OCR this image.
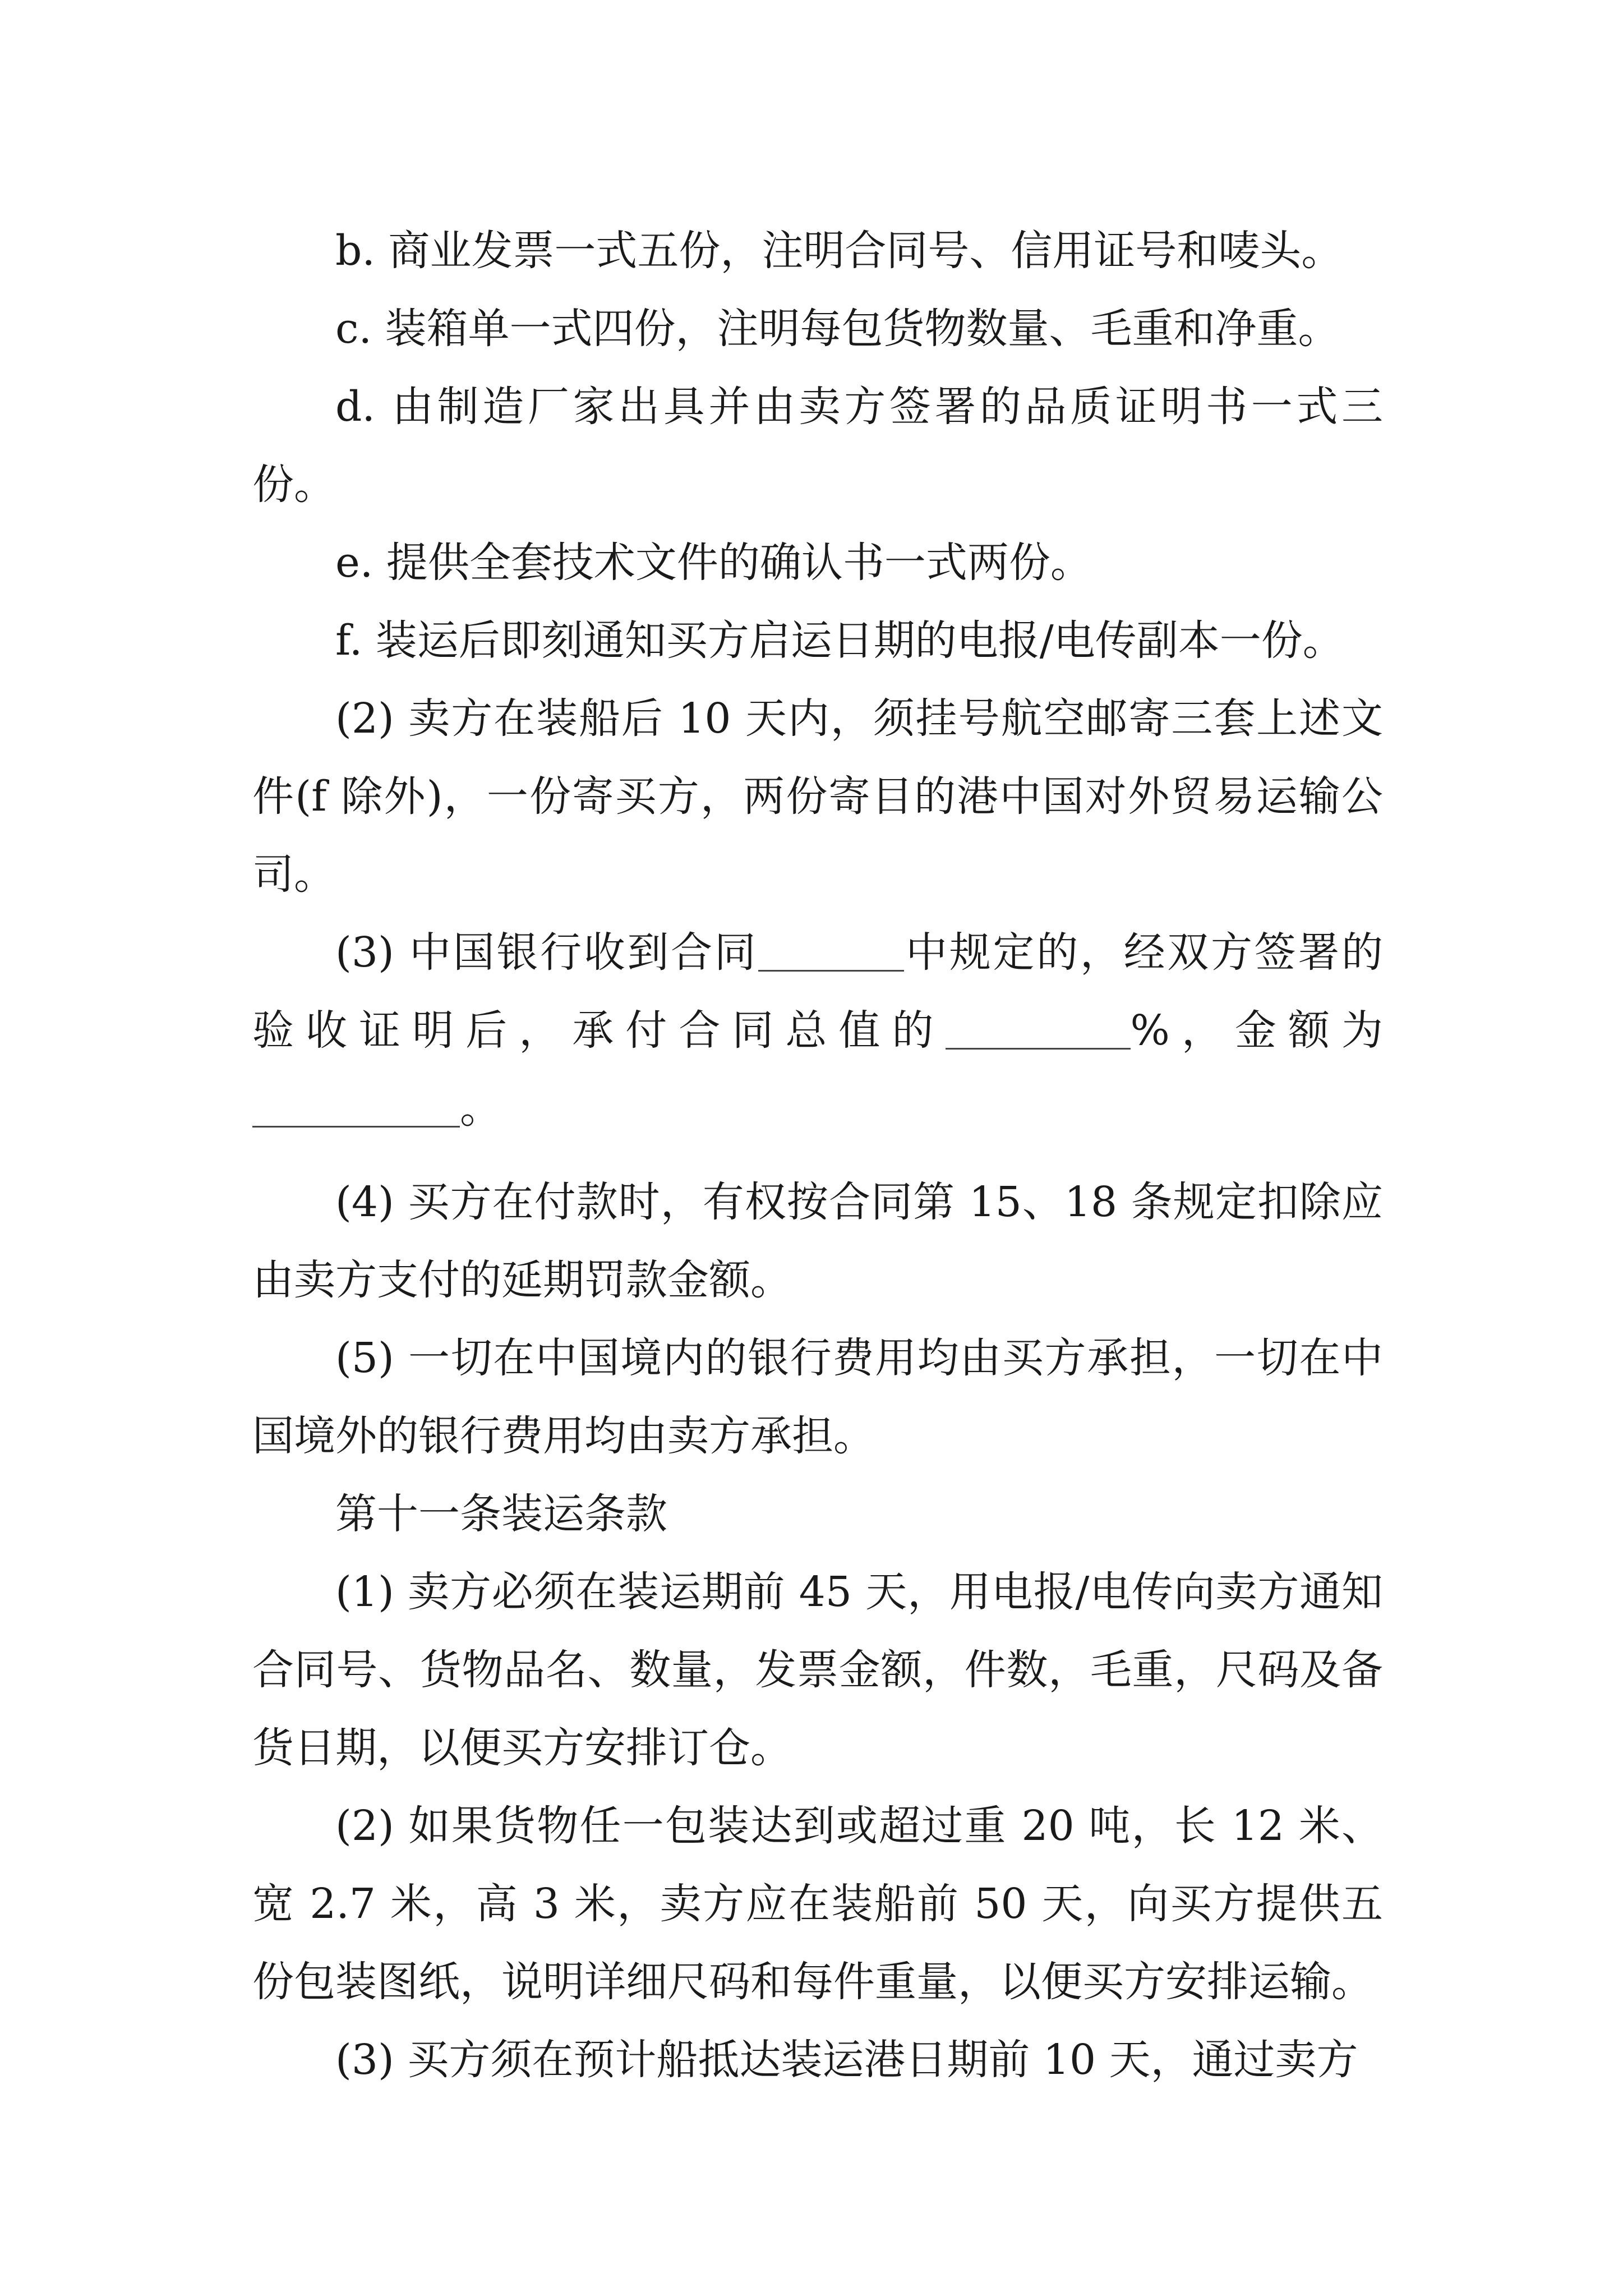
b. 商业发票一式五份，注明合同号、信用证号和唛头。

c. 装箱单一式四份，注明每包货物数量、毛重和净重。

d. 由制造厂家出具并由卖方签署的品质证明书一式三份。

e. 提供全套技术文件的确认书一式两份。

f. 装运后即刻通知买方启运日期的电报/电传副本一份。

(2) 卖方在装船后 10 天内，须挂号航空邮寄三套上述文件(f 除外)，一份寄买方，两份寄目的港中国对外贸易运输公司。

(3) 中国银行收到合同	中规定的，经双方签署的验收证明后，承付合同总值的	%，金额为。

(4) 买方在付款时，有权按合同第 15、18 条规定扣除应由卖方支付的延期罚款金额。

(5) 一切在中国境内的银行费用均由买方承担，一切在中国境外的银行费用均由卖方承担。

第十一条装运条款

(1) 卖方必须在装运期前 45 天，用电报/电传向卖方通知合同号、货物品名、数量，发票金额，件数，毛重，尺码及备货日期，以便买方安排订仓。

(2) 如果货物任一包装达到或超过重 20 吨，长 12 米、宽 2.7 米，高 3 米，卖方应在装船前 50 天，向买方提供五份包装图纸，说明详细尺码和每件重量，以便买方安排运输。

(3) 买方须在预计船抵达装运港日期前 10 天，通过卖方
